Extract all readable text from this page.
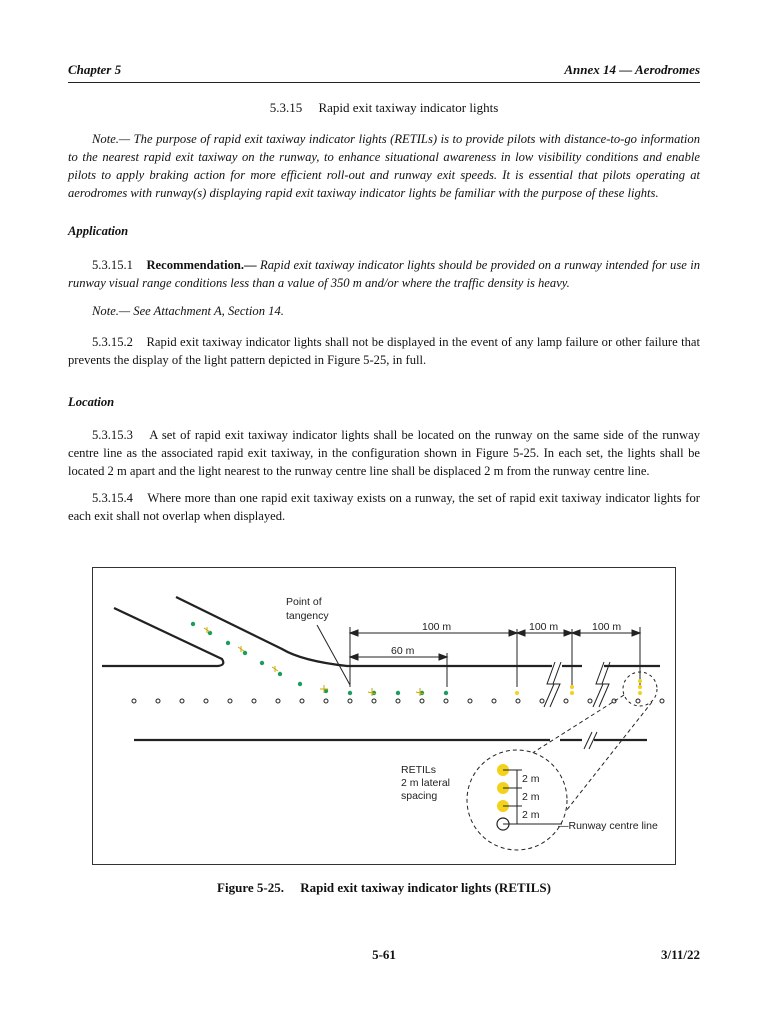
Chapter 5	Annex 14 — Aerodromes
5.3.15     Rapid exit taxiway indicator lights

Note.— The purpose of rapid exit taxiway indicator lights (RETILs) is to provide pilots with distance-to-go information to the nearest rapid exit taxiway on the runway, to enhance situational awareness in low visibility conditions and enable pilots to apply braking action for more efficient roll-out and runway exit speeds. It is essential that pilots operating at aerodromes with runway(s) displaying rapid exit taxiway indicator lights be familiar with the purpose of these lights.

Application

5.3.15.1 Recommendation.— Rapid exit taxiway indicator lights should be provided on a runway intended for use in runway visual range conditions less than a value of 350 m and/or where the traffic density is heavy.

Note.— See Attachment A, Section 14.

5.3.15.2 Rapid exit taxiway indicator lights shall not be displayed in the event of any lamp failure or other failure that prevents the display of the light pattern depicted in Figure 5-25, in full.

Location

5.3.15.3 A set of rapid exit taxiway indicator lights shall be located on the runway on the same side of the runway centre line as the associated rapid exit taxiway, in the configuration shown in Figure 5-25. In each set, the lights shall be located 2 m apart and the light nearest to the runway centre line shall be displaced 2 m from the runway centre line.

5.3.15.4 Where more than one rapid exit taxiway exists on a runway, the set of rapid exit taxiway indicator lights for each exit shall not overlap when displayed.

Point of
tangency
100 m	100 m	100 m
60 m
RETILs
2 m lateral
spacing
2 m
2 m
2 m
—Runway centre line
Figure 5-25.     Rapid exit taxiway indicator lights (RETILS)
5-61	3/11/22
